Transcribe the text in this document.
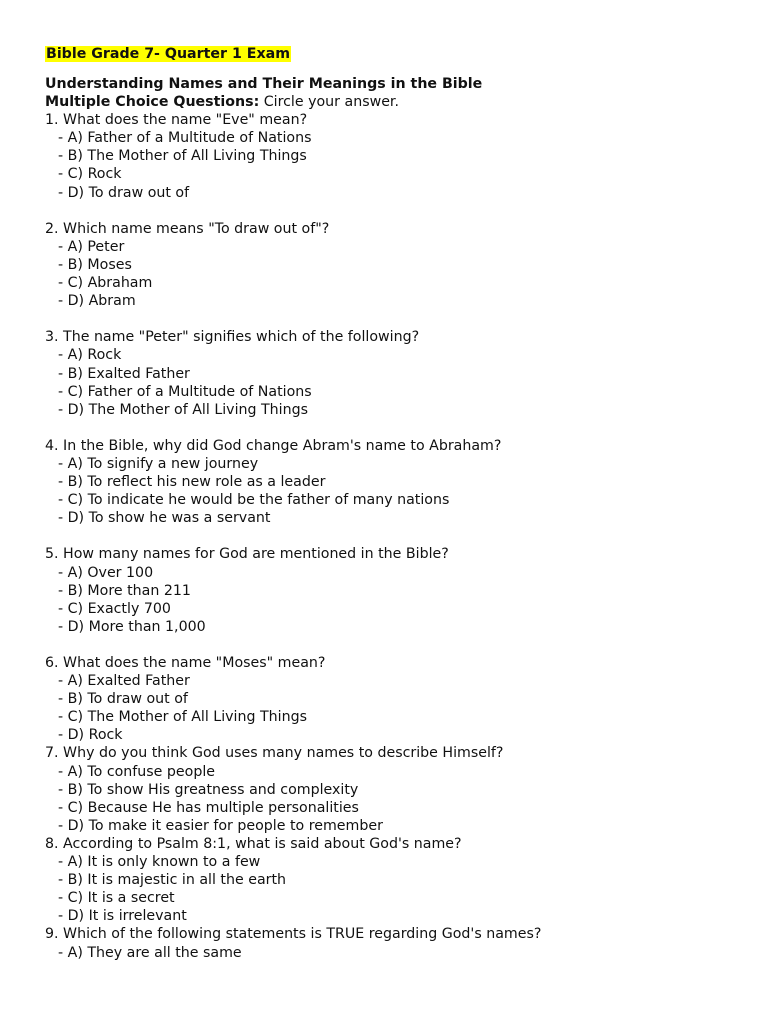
Bible Grade 7- Quarter 1 Exam
Understanding Names and Their Meanings in the Bible
Multiple Choice Questions: Circle your answer.
1. What does the name "Eve" mean?
- A) Father of a Multitude of Nations
- B) The Mother of All Living Things
- C) Rock
- D) To draw out of
2. Which name means "To draw out of"?
- A) Peter
- B) Moses
- C) Abraham
- D) Abram
3. The name "Peter" signifies which of the following?
- A) Rock
- B) Exalted Father
- C) Father of a Multitude of Nations
- D) The Mother of All Living Things
4. In the Bible, why did God change Abram's name to Abraham?
- A) To signify a new journey
- B) To reflect his new role as a leader
- C) To indicate he would be the father of many nations
- D) To show he was a servant
5. How many names for God are mentioned in the Bible?
- A) Over 100
- B) More than 211
- C) Exactly 700
- D) More than 1,000
6. What does the name "Moses" mean?
- A) Exalted Father
- B) To draw out of
- C) The Mother of All Living Things
- D) Rock
7. Why do you think God uses many names to describe Himself?
- A) To confuse people
- B) To show His greatness and complexity
- C) Because He has multiple personalities
- D) To make it easier for people to remember
8. According to Psalm 8:1, what is said about God's name?
- A) It is only known to a few
- B) It is majestic in all the earth
- C) It is a secret
- D) It is irrelevant
9. Which of the following statements is TRUE regarding God's names?
- A) They are all the same
